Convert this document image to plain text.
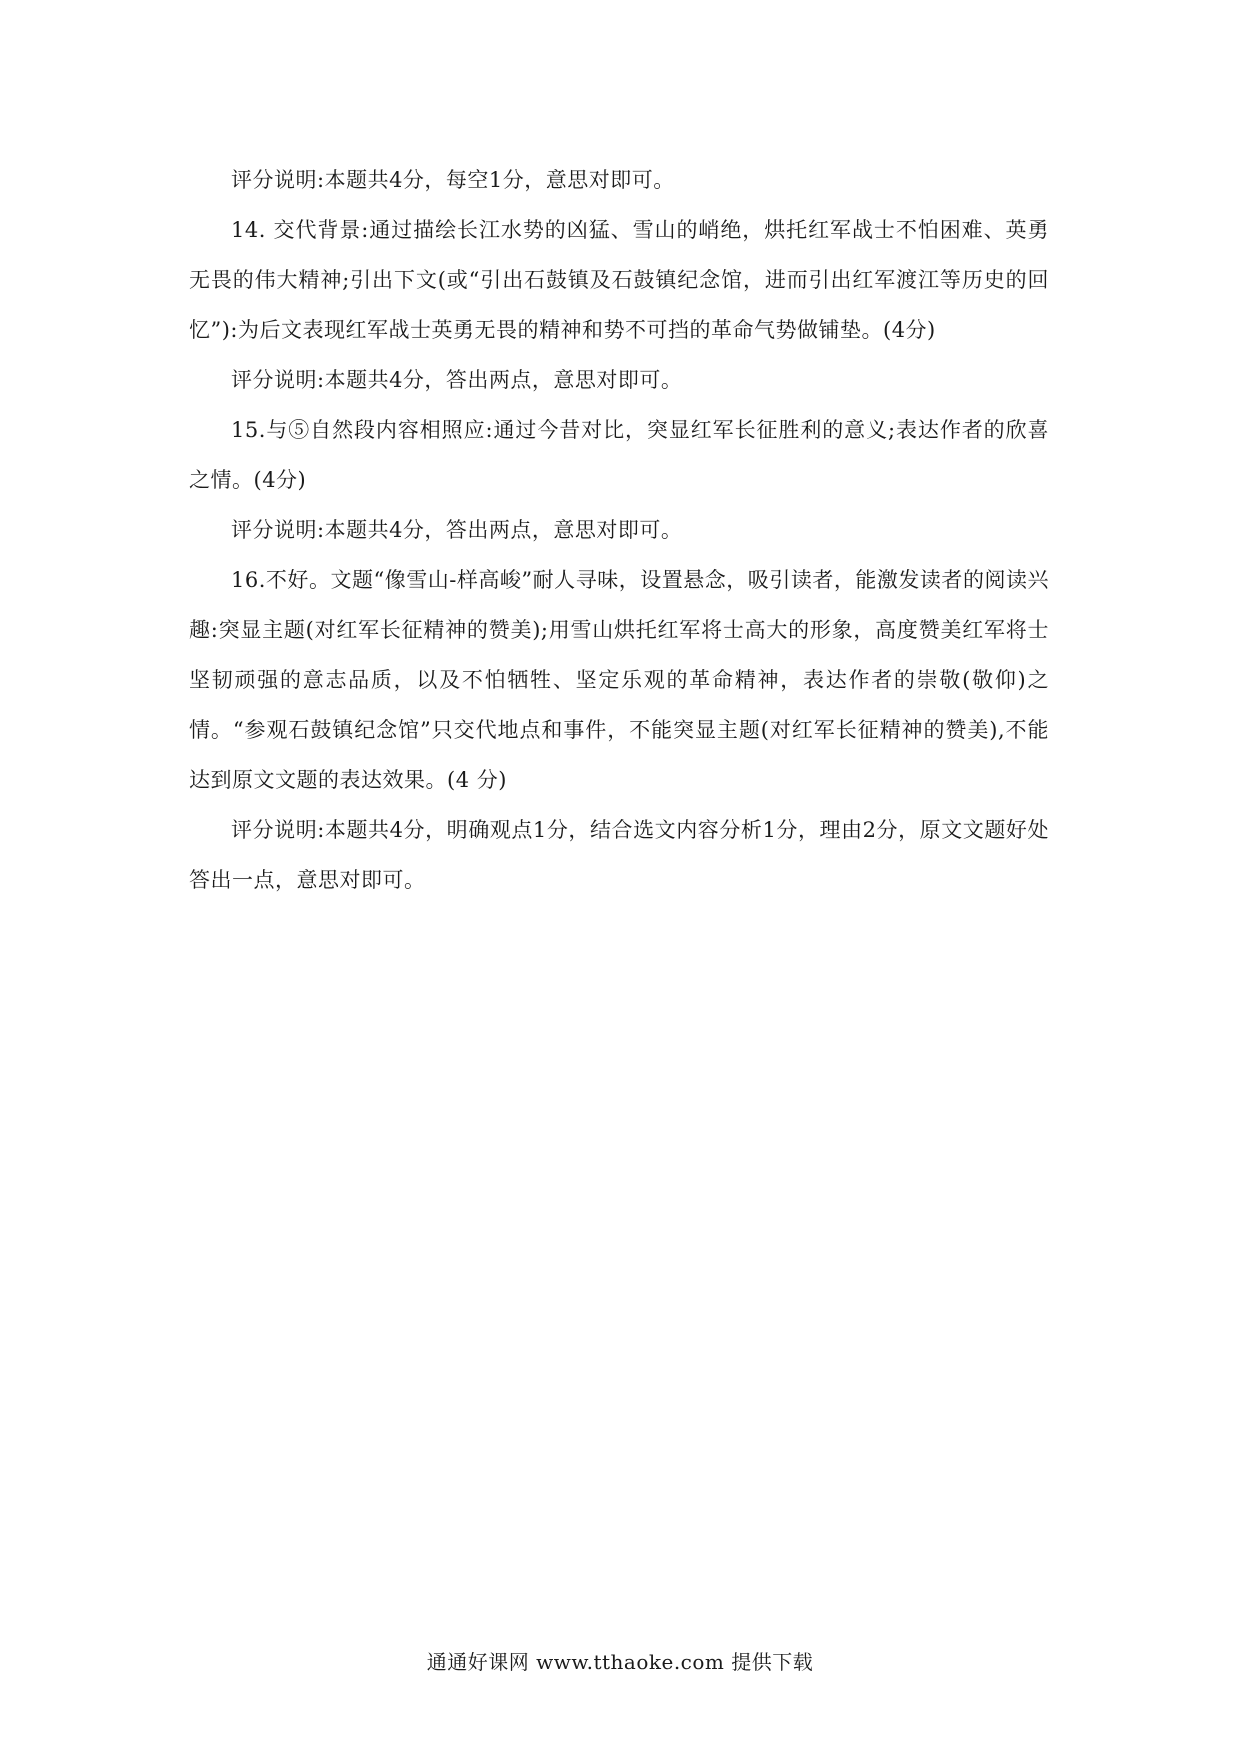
评分说明:本题共4分，每空1分，意思对即可。

14. 交代背景:通过描绘长江水势的凶猛、雪山的峭绝，烘托红军战士不怕困难、英勇无畏的伟大精神;引出下文(或“引出石鼓镇及石鼓镇纪念馆，进而引出红军渡江等历史的回忆”):为后文表现红军战士英勇无畏的精神和势不可挡的革命气势做铺垫。(4分)

评分说明:本题共4分，答出两点，意思对即可。

15.与⑤自然段内容相照应:通过今昔对比，突显红军长征胜利的意义;表达作者的欣喜之情。(4分)

评分说明:本题共4分，答出两点，意思对即可。

16.不好。文题“像雪山-样高峻”耐人寻味，设置悬念，吸引读者，能激发读者的阅读兴趣:突显主题(对红军长征精神的赞美);用雪山烘托红军将士高大的形象，高度赞美红军将士坚韧顽强的意志品质，以及不怕牺牲、坚定乐观的革命精神，表达作者的崇敬(敬仰)之情。“参观石鼓镇纪念馆”只交代地点和事件，不能突显主题(对红军长征精神的赞美),不能达到原文文题的表达效果。(4 分)

评分说明:本题共4分，明确观点1分，结合选文内容分析1分，理由2分，原文文题好处答出一点，意思对即可。

通通好课网 www.tthaoke.com 提供下载
